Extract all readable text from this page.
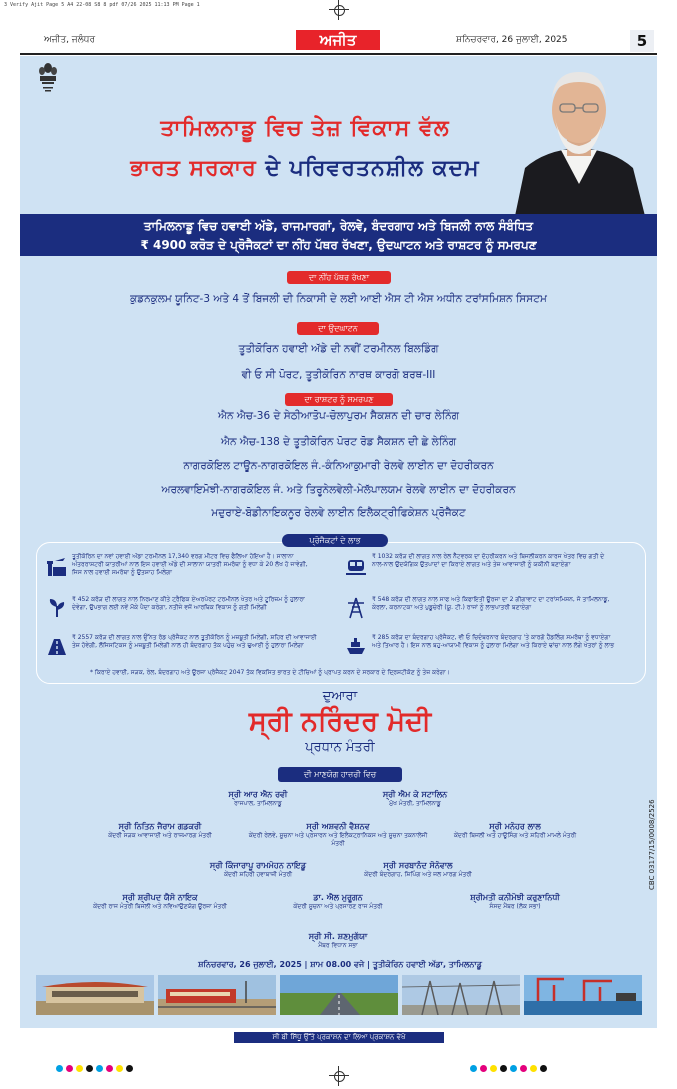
3 Verify Ajit Page 5 A4 22-08 S8 8 pdf 07/26 2025 11:13 PM Page 1
ਅਜੀਤ, ਜਲੰਧਰ	ਅਜੀਤ	ਸ਼ਨਿਚਰਵਾਰ, 26 ਜੁਲਾਈ, 2025	5
ਤਾਮਿਲਨਾਡੂ ਵਿਚ ਤੇਜ਼ ਵਿਕਾਸ ਵੱਲ
ਭਾਰਤ ਸਰਕਾਰ ਦੇ ਪਰਿਵਰਤਨਸ਼ੀਲ ਕਦਮ
ਤਾਮਿਲਨਾਡੂ ਵਿਚ ਹਵਾਈ ਅੱਡੇ, ਰਾਜਮਾਰਗਾਂ, ਰੇਲਵੇ, ਬੰਦਰਗਾਹ ਅਤੇ ਬਿਜਲੀ ਨਾਲ ਸੰਬੰਧਿਤ
₹ 4900 ਕਰੋੜ ਦੇ ਪ੍ਰੋਜੈਕਟਾਂ ਦਾ ਨੀਂਹ ਪੱਥਰ ਰੱਖਣਾ, ਉਦਘਾਟਨ ਅਤੇ ਰਾਸ਼ਟਰ ਨੂੰ ਸਮਰਪਣ
ਦਾ ਨੀਂਹ ਪੱਥਰ ਰੱਖਣਾ
ਕੁਡਨਕੁਲਮ ਯੂਨਿਟ-3 ਅਤੇ 4 ਤੋਂ ਬਿਜਲੀ ਦੀ ਨਿਕਾਸੀ ਦੇ ਲਈ ਆਈ ਐਸ ਟੀ ਐਸ ਅਧੀਨ ਟਰਾਂਸਮਿਸ਼ਨ ਸਿਸਟਮ
ਦਾ ਉਦਘਾਟਨ
ਤੂਤੀਕੋਰਿਨ ਹਵਾਈ ਅੱਡੇ ਦੀ ਨਵੀਂ ਟਰਮੀਨਲ ਬਿਲਡਿੰਗ
ਵੀ ਓ ਸੀ ਪੋਰਟ, ਤੂਤੀਕੋਰਿਨ ਨਾਰਥ ਕਾਰਗੋ ਬਰਥ-III
ਦਾ ਰਾਸ਼ਟਰ ਨੂੰ ਸਮਰਪਣ
ਐਨ ਐਚ-36 ਦੇ ਸੇਠੀਆਤੋਪ-ਚੋਲਾਪੁਰਮ ਸੈਕਸ਼ਨ ਦੀ ਚਾਰ ਲੇਨਿੰਗ
ਐਨ ਐਚ-138 ਦੇ ਤੂਤੀਕੋਰਿਨ ਪੋਰਟ ਰੋਡ ਸੈਕਸ਼ਨ ਦੀ ਛੇ ਲੇਨਿੰਗ
ਨਾਗਰਕੋਇਲ ਟਾਊਨ-ਨਾਗਰਕੋਇਲ ਜੰ.-ਕੰਨਿਆਕੁਮਾਰੀ ਰੇਲਵੇ ਲਾਈਨ ਦਾ ਦੋਹਰੀਕਰਨ
ਅਰਲਵਾਇਮੋਝੀ-ਨਾਗਰਕੋਇਲ ਜੰ. ਅਤੇ ਤਿਰੂਨੇਲਵੇਲੀ-ਮੇਲੱਪਾਲਯਮ ਰੇਲਵੇ ਲਾਈਨ ਦਾ ਦੋਹਰੀਕਰਨ
ਮਦੁਰਾਏ-ਬੋਡੀਨਾਇਕਨੂਰ ਰੇਲਵੇ ਲਾਈਨ ਇਲੈਕਟ੍ਰੀਫਿਕੇਸ਼ਨ ਪ੍ਰੋਜੈਕਟ
ਪ੍ਰੋਜੈਕਟਾਂ ਦੇ ਲਾਭ
ਤੂਤੀਕੋਰਿਨ ਦਾ ਨਵਾਂ ਹਵਾਈ ਅੱਡਾ ਟਰਮੀਨਲ 17,340 ਵਰਗ ਮੀਟਰ ਵਿਚ ਫੈਲਿਆ ਹੋਇਆ ਹੈ। ਸਾਲਾਨਾ ਅੰਤਰਰਾਸ਼ਟਰੀ ਯਾਤਰੀਆਂ ਨਾਲ ਇਸ ਹਵਾਈ ਅੱਡੇ ਦੀ ਸਾਲਾਨਾ ਯਾਤਰੀ ਸਮਰੱਥਾ ਨੂੰ ਵਧਾ ਕੇ 20 ਲੱਖ ਹੋ ਜਾਵੇਗੀ, ਜਿਸ ਨਾਲ ਹਵਾਈ ਸਮਰੱਥਾ ਨੂੰ ਉਤਸ਼ਾਹ ਮਿਲੇਗਾ
₹ 1032 ਕਰੋੜ ਦੀ ਲਾਗਤ ਨਾਲ ਰੇਲ ਨੈੱਟਵਰਕ ਦਾ ਦੋਹਰੀਕਰਨ ਅਤੇ ਬਿਜਲੀਕਰਨ ਕਾਰਜ ਖੇਤਰ ਵਿਚ ਗਤੀ ਦੇ ਨਾਲ-ਨਾਲ ਉਦਯੋਗਿਕ ਉਤਪਾਦਾਂ ਦਾ ਕਿਰਾਏ ਲਾਗਤ ਅਤੇ ਤੇਜ਼ ਆਵਾਜਾਈ ਨੂੰ ਯਕੀਨੀ ਬਣਾਏਗਾ
₹ 452 ਕਰੋੜ ਦੀ ਲਾਗਤ ਨਾਲ ਨਿਰਮਾਣ ਕੀਤੇ ਟ੍ਰੈਫਿਕ ਏਅਰਪੋਰਟ ਟਰਮੀਨਲ ਖੇਤਰ ਅਤੇ ਟੂਰਿਜ਼ਮ ਨੂੰ ਹੁਲਾਰਾ ਦੇਵੇਗਾ, ਉਪਭਾਗ ਲਈ ਨਵੇਂ ਮੌਕੇ ਪੈਦਾ ਕਰੇਗਾ, ਨਤੀਜੇ ਵਜੋਂ ਆਰਥਿਕ ਵਿਕਾਸ ਨੂੰ ਗਤੀ ਮਿਲੇਗੀ
₹ 548 ਕਰੋੜ ਦੀ ਲਾਗਤ ਨਾਲ ਸਾਫ ਅਤੇ ਕਿਫਾਇਤੀ ਊਰਜਾ ਦਾ 2 ਗੀਗਾਵਾਟ ਦਾ ਟਰਾਂਸਮਿਸ਼ਨ, ਜੋ ਤਾਮਿਲਨਾਡੂ, ਕੇਰਲਾ, ਕਰਨਾਟਕਾ ਅਤੇ ਪੁਡੂਚੇਰੀ (ਯੂ. ਟੀ.) ਰਾਜਾਂ ਨੂੰ ਲਾਭਪਾਤਰੀ ਬਣਾਏਗਾ
₹ 2557 ਕਰੋੜ ਦੀ ਲਾਗਤ ਨਾਲ ਉੱਨਤ ਰੋਡ ਪ੍ਰੋਜੈਕਟ ਨਾਲ ਤੂਤੀਕੋਰਿਨ ਨੂੰ ਮਜ਼ਬੂਤੀ ਮਿਲੇਗੀ, ਸ਼ਹਿਰ ਦੀ ਆਵਾਜਾਈ ਤੇਜ਼ ਹੋਵੇਗੀ, ਲੌਜਿਸਟਿਕਸ ਨੂੰ ਮਜ਼ਬੂਤੀ ਮਿਲੇਗੀ ਨਾਲ ਹੀ ਬੰਦਰਗਾਹ ਤੱਕ ਪਹੁੰਚ ਅਤੇ ਢੁਆਈ ਨੂੰ ਹੁਲਾਰਾ ਮਿਲੇਗਾ
₹ 285 ਕਰੋੜ ਦਾ ਬੰਦਰਗਾਹ ਪ੍ਰੋਜੈਕਟ, ਵੀ ਓ ਚਿਦੰਬਰਨਾਰ ਬੰਦਰਗਾਹ 'ਤੇ ਕਾਰਗੋ ਹੈਂਡਲਿੰਗ ਸਮਰੱਥਾ ਨੂੰ ਵਧਾਏਗਾ ਅਤੇ ਤਿਆਰ ਹੈ। ਇਸ ਨਾਲ ਬਹੁ-ਆਯਾਮੀ ਵਿਕਾਸ ਨੂੰ ਹੁਲਾਰਾ ਮਿਲੇਗਾ ਅਤੇ ਕਿਰਾਏ ਢਾਂਚਾ ਨਾਲ ਲੱਗੇ ਖੇਤਰਾਂ ਨੂੰ ਲਾਭ
* ਕਿਰਾਏ ਹਵਾਈ, ਸੜਕ, ਰੇਲ, ਬੰਦਰਗਾਹ ਅਤੇ ਊਰਜਾ ਪ੍ਰੋਜੈਕਟ 2047 ਤੱਕ ਵਿਕਸਿਤ ਭਾਰਤ ਦੇ ਟੀਚਿਆਂ ਨੂੰ ਪ੍ਰਾਪਤ ਕਰਨ ਦੇ ਸਰਕਾਰ ਦੇ ਦ੍ਰਿਸ਼ਟੀਕੋਣ ਨੂੰ ਤੇਜ਼ ਕਰੇਗਾ।
ਦੁਆਰਾ
ਸ੍ਰੀ ਨਰਿੰਦਰ ਮੋਦੀ
ਪ੍ਰਧਾਨ ਮੰਤਰੀ
ਦੀ ਮਾਣਯੋਗ ਹਾਜ਼ਰੀ ਵਿਚ
ਸ੍ਰੀ ਆਰ ਐਨ ਰਵੀ
ਰਾਜਪਾਲ, ਤਾਮਿਲਨਾਡੂ
ਸ੍ਰੀ ਐਮ ਕੇ ਸਟਾਲਿਨ
ਮੁੱਖ ਮੰਤਰੀ, ਤਾਮਿਲਨਾਡੂ
ਸ੍ਰੀ ਨਿਤਿਨ ਜੈਰਾਮ ਗਡਕਰੀ
ਕੇਂਦਰੀ ਸੜਕ ਆਵਾਜਾਈ ਅਤੇ ਰਾਜਮਾਰਗ ਮੰਤਰੀ
ਸ੍ਰੀ ਅਸ਼ਵਨੀ ਵੈਸ਼ਨਵ
ਕੇਂਦਰੀ ਰੇਲਵੇ, ਸੂਚਨਾ ਅਤੇ ਪ੍ਰਸਾਰਨ ਅਤੇ ਇਲੈਕਟ੍ਰਾਨਿਕਸ ਅਤੇ ਸੂਚਨਾ ਤਕਨਾਲੋਜੀ ਮੰਤਰੀ
ਸ੍ਰੀ ਮਨੋਹਰ ਲਾਲ
ਕੇਂਦਰੀ ਬਿਜਲੀ ਅਤੇ ਹਾਊਸਿੰਗ ਅਤੇ ਸ਼ਹਿਰੀ ਮਾਮਲੇ ਮੰਤਰੀ
ਸ੍ਰੀ ਕਿੰਜਾਰਾਪੂ ਰਾਮਮੋਹਨ ਨਾਇਡੂ
ਕੇਂਦਰੀ ਸ਼ਹਿਰੀ ਹਵਾਬਾਜ਼ੀ ਮੰਤਰੀ
ਸ੍ਰੀ ਸਰਬਾਨੰਦ ਸੋਨੋਵਾਲ
ਕੇਂਦਰੀ ਬੰਦਰਗਾਹ, ਸ਼ਿਪਿੰਗ ਅਤੇ ਜਲ ਮਾਰਗ ਮੰਤਰੀ
ਸ੍ਰੀ ਸ਼੍ਰੀਪਦ ਯੈਸੋ ਨਾਇਕ
ਕੇਂਦਰੀ ਰਾਜ ਮੰਤਰੀ ਬਿਜਲੀ ਅਤੇ ਨਵਿਆਉਣਯੋਗ ਊਰਜਾ ਮੰਤਰੀ
ਡਾ. ਐਲ ਮੁਰੂਗਨ
ਕੇਂਦਰੀ ਸੂਚਨਾ ਅਤੇ ਪ੍ਰਸਾਰਣ ਰਾਜ ਮੰਤਰੀ
ਸ਼੍ਰੀਮਤੀ ਕਨੀਮੋਝੀ ਕਰੁਣਾਨਿਧੀ
ਸੰਸਦ ਮੈਂਬਰ (ਲੋਕ ਸਭਾ)
ਸ੍ਰੀ ਸੀ. ਸ਼ਣਮੁਗੱਯਾ
ਮੈਂਬਰ ਵਿਧਾਨ ਸਭਾ
ਸ਼ਨਿਚਰਵਾਰ, 26 ਜੁਲਾਈ, 2025 | ਸ਼ਾਮ 08.00 ਵਜੇ | ਤੂਤੀਕੋਰਿਨ ਹਵਾਈ ਅੱਡਾ, ਤਾਮਿਲਨਾਡੂ
ਸੀ ਬੀ ਸਿੱਧੂ ਉੱਤੇ ਪ੍ਰਕਾਸ਼ਨ ਦਾ ਲਿਆ ਪ੍ਰਕਾਸ਼ਨ ਵੇਖੋ
CBC 03177/15/0008/2526
